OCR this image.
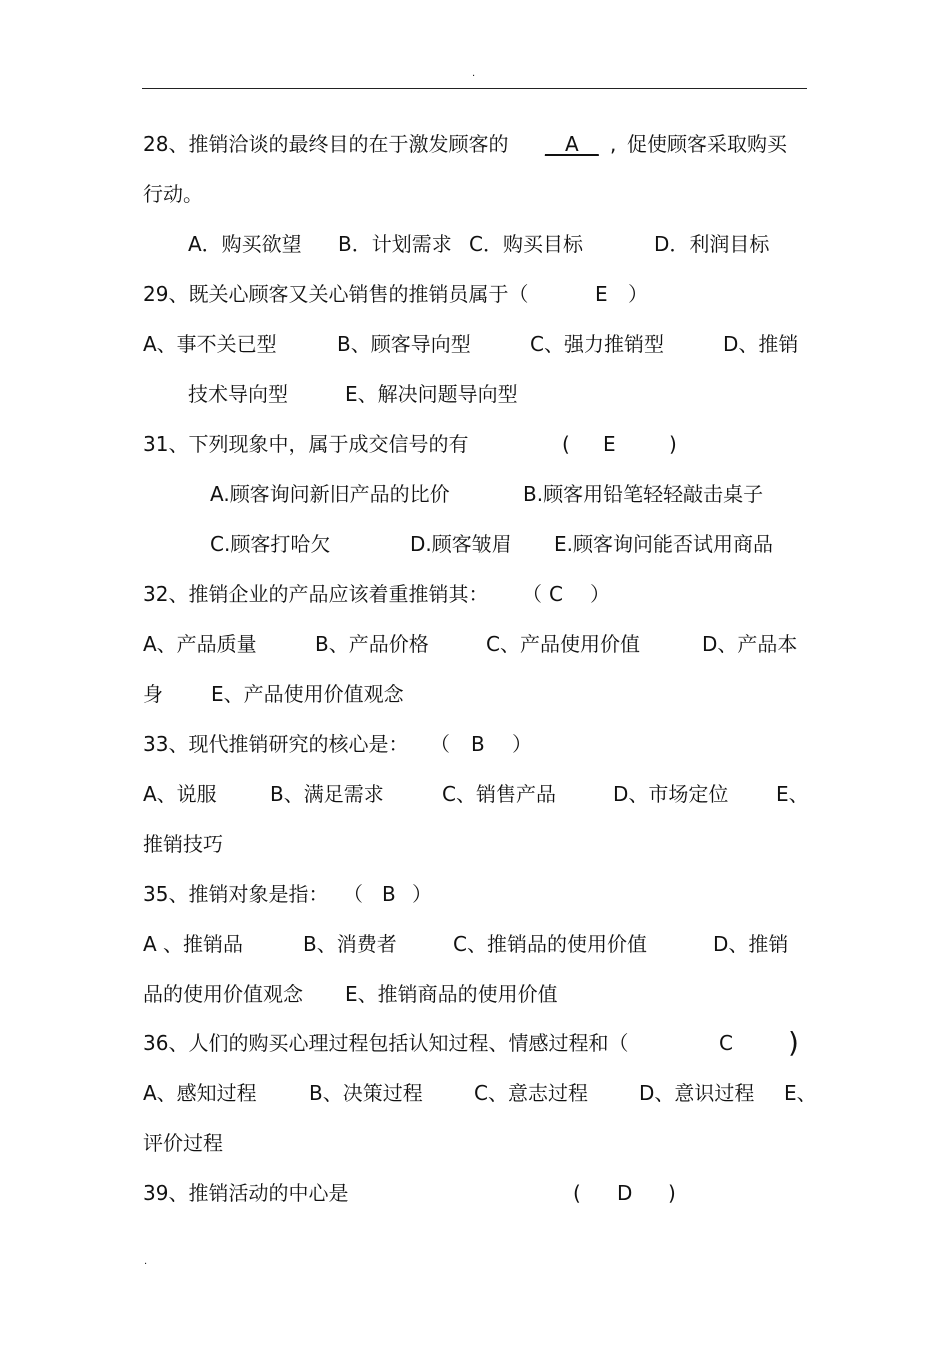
.
28、推销洽谈的最终目的在于激发顾客的 __A__ , 促使顾客采取购买
行动。
A．购买欲望 B．计划需求 C．购买目标	D．利润目标
29、既关心顾客又关心销售的推销员属于（	E ）
A、事不关已型	B、顾客导向型	C、强力推销型	D、推销
技术导向型	E、解决问题导向型
31、下列现象中，属于成交信号的有	( E	)
A.顾客询问新旧产品的比价	B.顾客用铅笔轻轻敲击桌子
C.顾客打哈欠	D.顾客皱眉 E.顾客询问能否试用商品
32、推销企业的产品应该着重推销其： （ C ）
A、产品质量	B、产品价格	C、产品使用价值	D、产品本
身 E、产品使用价值观念
33、现代推销研究的核心是： （ B ）
A、说服	B、满足需求	C、销售产品	D、市场定位 E、
推销技巧
35、推销对象是指： （ B ）
A 、推销品	B、消费者	C、推销品的使用价值	D、推销
品的使用价值观念 E、推销商品的使用价值
36、人们的购买心理过程包括认知过程、情感过程和（	C )
A、感知过程	B、决策过程	C、意志过程	D、意识过程 E、
评价过程
39、推销活动的中心是	( D )
.
